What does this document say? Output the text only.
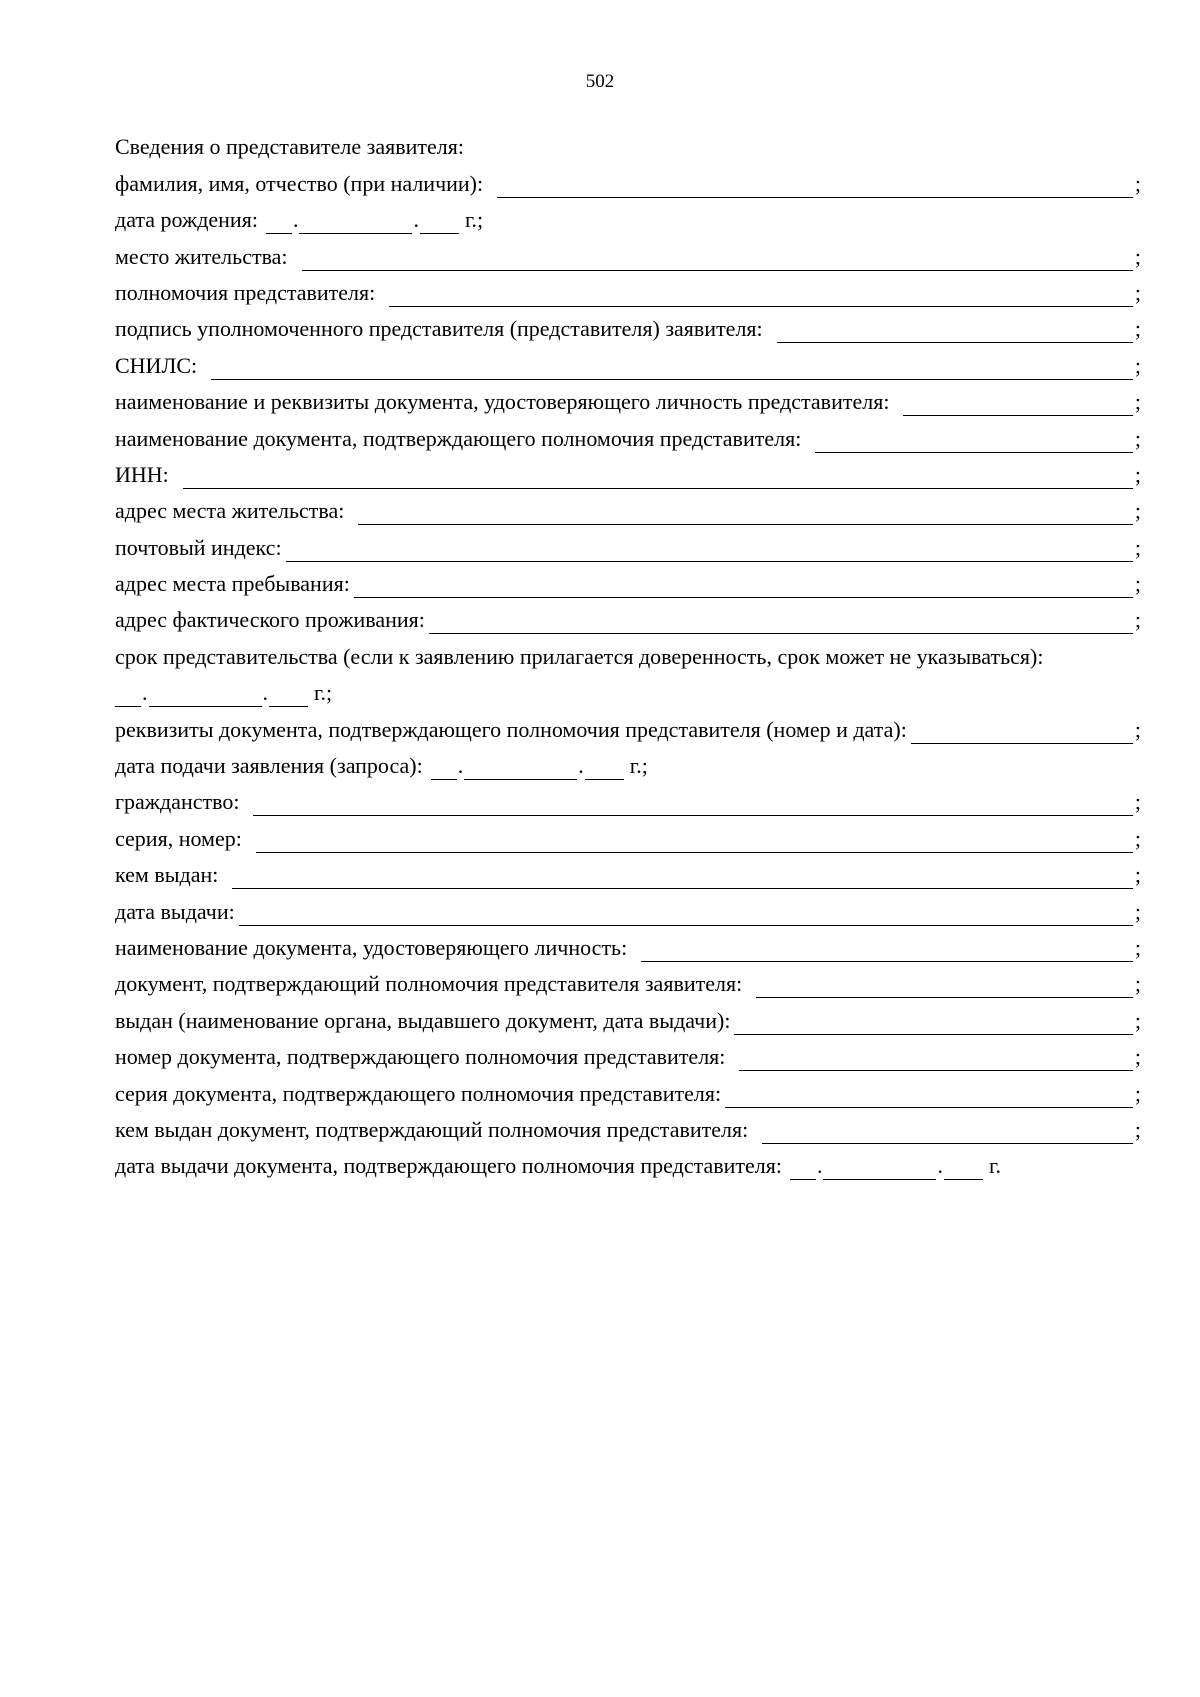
502
Сведения о представителе заявителя:
фамилия, имя, отчество (при наличии):	;
дата рождения: .	. г.;
место жительства:	;
полномочия представителя:	;
подпись уполномоченного представителя (представителя) заявителя:	;
СНИЛС:	;
наименование и реквизиты документа, удостоверяющего личность представителя:	;
наименование документа, подтверждающего полномочия представителя:	;
ИНН:	;
адрес места жительства:	;
почтовый индекс:	;
адрес места пребывания:	;
адрес фактического проживания:	;
срок представительства (если к заявлению прилагается доверенность, срок может не указываться):
.	. г.;
реквизиты документа, подтверждающего полномочия представителя (номер и дата):	;
дата подачи заявления (запроса): .	. г.;
гражданство:	;
серия, номер:	;
кем выдан:	;
дата выдачи:	;
наименование документа, удостоверяющего личность:	;
документ, подтверждающий полномочия представителя заявителя:	;
выдан (наименование органа, выдавшего документ, дата выдачи):	;
номер документа, подтверждающего полномочия представителя:	;
серия документа, подтверждающего полномочия представителя:	;
кем выдан документ, подтверждающий полномочия представителя:	;
дата выдачи документа, подтверждающего полномочия представителя: .	. г.
